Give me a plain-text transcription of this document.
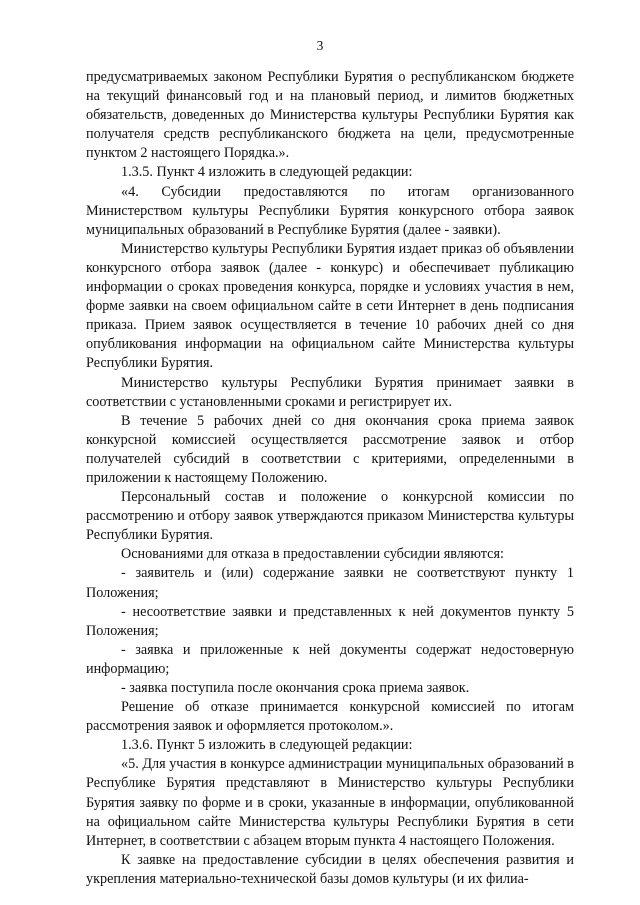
3

предусматриваемых законом Республики Бурятия о республиканском бюджете на текущий финансовый год и на плановый период, и лимитов бюджетных обязательств, доведенных до Министерства культуры Республики Бурятия как получателя средств республиканского бюджета на цели, предусмотренные пунктом 2 настоящего Порядка.».

1.3.5. Пункт 4 изложить в следующей редакции:

«4. Субсидии предоставляются по итогам организованного Министерством культуры Республики Бурятия конкурсного отбора заявок муниципальных образований в Республике Бурятия (далее - заявки).

Министерство культуры Республики Бурятия издает приказ об объявлении конкурсного отбора заявок (далее - конкурс) и обеспечивает публикацию информации о сроках проведения конкурса, порядке и условиях участия в нем, форме заявки на своем официальном сайте в сети Интернет в день подписания приказа. Прием заявок осуществляется в течение 10 рабочих дней со дня опубликования информации на официальном сайте Министерства культуры Республики Бурятия.

Министерство культуры Республики Бурятия принимает заявки в соответствии с установленными сроками и регистрирует их.

В течение 5 рабочих дней со дня окончания срока приема заявок конкурсной комиссией осуществляется рассмотрение заявок и отбор получателей субсидий в соответствии с критериями, определенными в приложении к настоящему Положению.

Персональный состав и положение о конкурсной комиссии по рассмотрению и отбору заявок утверждаются приказом Министерства культуры Республики Бурятия.

Основаниями для отказа в предоставлении субсидии являются:

- заявитель и (или) содержание заявки не соответствуют пункту 1 Положения;

- несоответствие заявки и представленных к ней документов пункту 5 Положения;

- заявка и приложенные к ней документы содержат недостоверную информацию;

- заявка поступила после окончания срока приема заявок.

Решение об отказе принимается конкурсной комиссией по итогам рассмотрения заявок и оформляется протоколом.».

1.3.6. Пункт 5 изложить в следующей редакции:

«5. Для участия в конкурсе администрации муниципальных образований в Республике Бурятия представляют в Министерство культуры Республики Бурятия заявку по форме и в сроки, указанные в информации, опубликованной на официальном сайте Министерства культуры Республики Бурятия в сети Интернет, в соответствии с абзацем вторым пункта 4 настоящего Положения.

К заявке на предоставление субсидии в целях обеспечения развития и укрепления материально-технической базы домов культуры (и их филиа-
